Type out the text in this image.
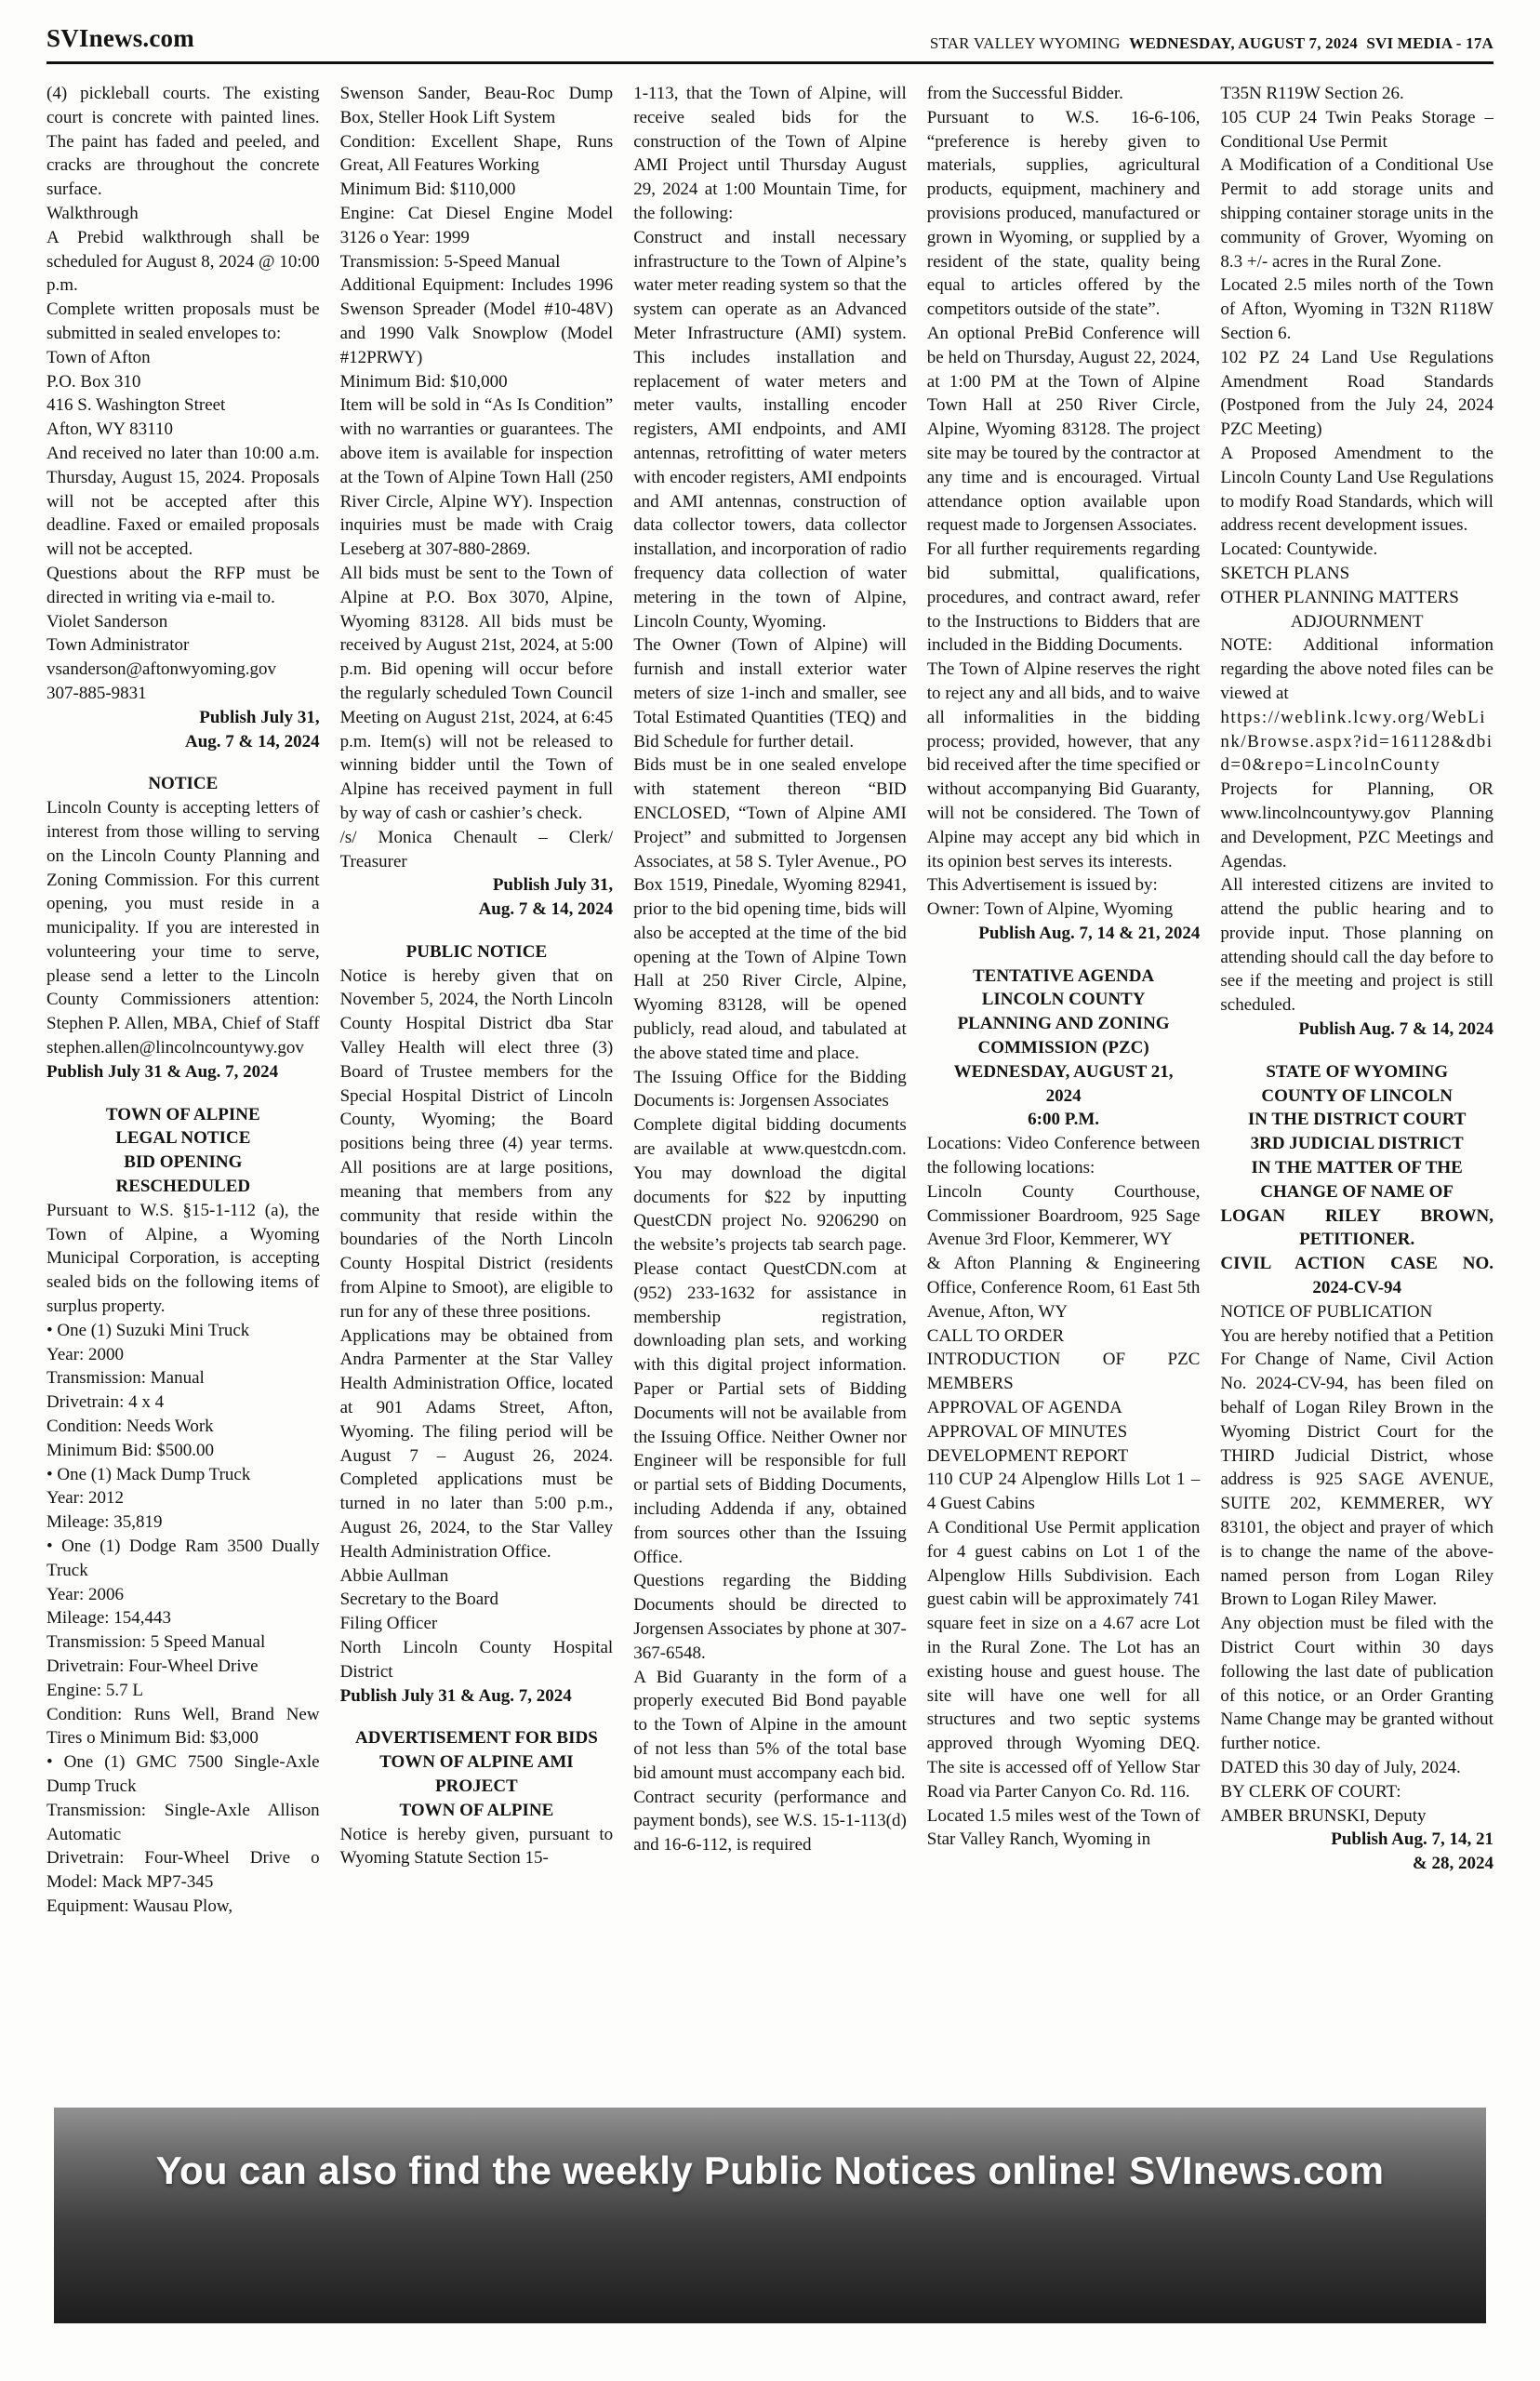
SVInews.com	STAR VALLEY WYOMING WEDNESDAY, AUGUST 7, 2024 SVI MEDIA - 17A
(4) pickleball courts. The existing court is concrete with painted lines. The paint has faded and peeled, and cracks are throughout the concrete surface.
Walkthrough
A Prebid walkthrough shall be scheduled for August 8, 2024 @ 10:00 p.m.
Complete written proposals must be submitted in sealed envelopes to:
Town of Afton
P.O. Box 310
416 S. Washington Street
Afton, WY 83110
And received no later than 10:00 a.m. Thursday, August 15, 2024. Proposals will not be accepted after this deadline. Faxed or emailed proposals will not be accepted.
Questions about the RFP must be directed in writing via e-mail to.
Violet Sanderson
Town Administrator
vsanderson@aftonwyoming.gov
307-885-9831
Publish July 31,
Aug. 7 & 14, 2024
NOTICE
Lincoln County is accepting letters of interest from those willing to serving on the Lincoln County Planning and Zoning Commission. For this current opening, you must reside in a municipality. If you are interested in volunteering your time to serve, please send a letter to the Lincoln County Commissioners attention: Stephen P. Allen, MBA, Chief of Staff stephen.allen@lincolncountywy.gov
Publish July 31 & Aug. 7, 2024
TOWN OF ALPINE
LEGAL NOTICE
BID OPENING
RESCHEDULED
Pursuant to W.S. §15-1-112 (a), the Town of Alpine, a Wyoming Municipal Corporation, is accepting sealed bids on the following items of surplus property.
• One (1) Suzuki Mini Truck
Year: 2000
Transmission: Manual
Drivetrain: 4 x 4
Condition: Needs Work
Minimum Bid: $500.00
• One (1) Mack Dump Truck
Year: 2012
Mileage: 35,819
• One (1) Dodge Ram 3500 Dually Truck
Year: 2006
Mileage: 154,443
Transmission: 5 Speed Manual
Drivetrain: Four-Wheel Drive
Engine: 5.7 L
Condition: Runs Well, Brand New Tires o Minimum Bid: $3,000
• One (1) GMC 7500 Single-Axle Dump Truck
Transmission: Single-Axle Allison Automatic
Drivetrain: Four-Wheel Drive o Model: Mack MP7-345
Equipment: Wausau Plow,
Swenson Sander, Beau-Roc Dump Box, Steller Hook Lift System
Condition: Excellent Shape, Runs Great, All Features Working
Minimum Bid: $110,000
Engine: Cat Diesel Engine Model 3126 o Year: 1999
Transmission: 5-Speed Manual
Additional Equipment: Includes 1996 Swenson Spreader (Model #10-48V) and 1990 Valk Snowplow (Model #12PRWY)
Minimum Bid: $10,000
Item will be sold in “As Is Condition” with no warranties or guarantees. The above item is available for inspection at the Town of Alpine Town Hall (250 River Circle, Alpine WY). Inspection inquiries must be made with Craig Leseberg at 307-880-2869.
All bids must be sent to the Town of Alpine at P.O. Box 3070, Alpine, Wyoming 83128. All bids must be received by August 21st, 2024, at 5:00 p.m. Bid opening will occur before the regularly scheduled Town Council Meeting on August 21st, 2024, at 6:45 p.m. Item(s) will not be released to winning bidder until the Town of Alpine has received payment in full by way of cash or cashier’s check.
/s/ Monica Chenault – Clerk/ Treasurer
Publish July 31,
Aug. 7 & 14, 2024
PUBLIC NOTICE
Notice is hereby given that on November 5, 2024, the North Lincoln County Hospital District dba Star Valley Health will elect three (3) Board of Trustee members for the Special Hospital District of Lincoln County, Wyoming; the Board positions being three (4) year terms. All positions are at large positions, meaning that members from any community that reside within the boundaries of the North Lincoln County Hospital District (residents from Alpine to Smoot), are eligible to run for any of these three positions.
Applications may be obtained from Andra Parmenter at the Star Valley Health Administration Office, located at 901 Adams Street, Afton, Wyoming. The filing period will be August 7 – August 26, 2024. Completed applications must be turned in no later than 5:00 p.m., August 26, 2024, to the Star Valley Health Administration Office.
Abbie Aullman
Secretary to the Board
Filing Officer
North Lincoln County Hospital District
Publish July 31 & Aug. 7, 2024
ADVERTISEMENT FOR BIDS
TOWN OF ALPINE AMI
PROJECT
TOWN OF ALPINE
Notice is hereby given, pursuant to Wyoming Statute Section 15-
1-113, that the Town of Alpine, will receive sealed bids for the construction of the Town of Alpine AMI Project until Thursday August 29, 2024 at 1:00 Mountain Time, for the following:
Construct and install necessary infrastructure to the Town of Alpine’s water meter reading system so that the system can operate as an Advanced Meter Infrastructure (AMI) system. This includes installation and replacement of water meters and meter vaults, installing encoder registers, AMI endpoints, and AMI antennas, retrofitting of water meters with encoder registers, AMI endpoints and AMI antennas, construction of data collector towers, data collector installation, and incorporation of radio frequency data collection of water metering in the town of Alpine, Lincoln County, Wyoming.
The Owner (Town of Alpine) will furnish and install exterior water meters of size 1-inch and smaller, see Total Estimated Quantities (TEQ) and Bid Schedule for further detail.
Bids must be in one sealed envelope with statement thereon “BID ENCLOSED, “Town of Alpine AMI Project” and submitted to Jorgensen Associates, at 58 S. Tyler Avenue., PO Box 1519, Pinedale, Wyoming 82941, prior to the bid opening time, bids will also be accepted at the time of the bid opening at the Town of Alpine Town Hall at 250 River Circle, Alpine, Wyoming 83128, will be opened publicly, read aloud, and tabulated at the above stated time and place.
The Issuing Office for the Bidding Documents is: Jorgensen Associates
Complete digital bidding documents are available at www.questcdn.com. You may download the digital documents for $22 by inputting QuestCDN project No. 9206290 on the website’s projects tab search page. Please contact QuestCDN.com at (952) 233-1632 for assistance in membership registration, downloading plan sets, and working with this digital project information. Paper or Partial sets of Bidding Documents will not be available from the Issuing Office. Neither Owner nor Engineer will be responsible for full or partial sets of Bidding Documents, including Addenda if any, obtained from sources other than the Issuing Office.
Questions regarding the Bidding Documents should be directed to Jorgensen Associates by phone at 307-367-6548.
A Bid Guaranty in the form of a properly executed Bid Bond payable to the Town of Alpine in the amount of not less than 5% of the total base bid amount must accompany each bid.
Contract security (performance and payment bonds), see W.S. 15-1-113(d) and 16-6-112, is required
from the Successful Bidder.
Pursuant to W.S. 16-6-106, “preference is hereby given to materials, supplies, agricultural products, equipment, machinery and provisions produced, manufactured or grown in Wyoming, or supplied by a resident of the state, quality being equal to articles offered by the competitors outside of the state”.
An optional PreBid Conference will be held on Thursday, August 22, 2024, at 1:00 PM at the Town of Alpine Town Hall at 250 River Circle, Alpine, Wyoming 83128. The project site may be toured by the contractor at any time and is encouraged. Virtual attendance option available upon request made to Jorgensen Associates.
For all further requirements regarding bid submittal, qualifications, procedures, and contract award, refer to the Instructions to Bidders that are included in the Bidding Documents.
The Town of Alpine reserves the right to reject any and all bids, and to waive all informalities in the bidding process; provided, however, that any bid received after the time specified or without accompanying Bid Guaranty, will not be considered. The Town of Alpine may accept any bid which in its opinion best serves its interests.
This Advertisement is issued by:
Owner: Town of Alpine, Wyoming
Publish Aug. 7, 14 & 21, 2024
TENTATIVE AGENDA
LINCOLN COUNTY
PLANNING AND ZONING
COMMISSION (PZC)
WEDNESDAY, AUGUST 21,
2024
6:00 P.M.
Locations: Video Conference between the following locations:
Lincoln County Courthouse, Commissioner Boardroom, 925 Sage Avenue 3rd Floor, Kemmerer, WY
& Afton Planning & Engineering Office, Conference Room, 61 East 5th Avenue, Afton, WY
CALL TO ORDER
INTRODUCTION OF PZC MEMBERS
APPROVAL OF AGENDA
APPROVAL OF MINUTES
DEVELOPMENT REPORT
110 CUP 24 Alpenglow Hills Lot 1 – 4 Guest Cabins
A Conditional Use Permit application for 4 guest cabins on Lot 1 of the Alpenglow Hills Subdivision. Each guest cabin will be approximately 741 square feet in size on a 4.67 acre Lot in the Rural Zone. The Lot has an existing house and guest house. The site will have one well for all structures and two septic systems approved through Wyoming DEQ. The site is accessed off of Yellow Star Road via Parter Canyon Co. Rd. 116.
Located 1.5 miles west of the Town of Star Valley Ranch, Wyoming in
T35N R119W Section 26.
105 CUP 24 Twin Peaks Storage – Conditional Use Permit
A Modification of a Conditional Use Permit to add storage units and shipping container storage units in the community of Grover, Wyoming on 8.3 +/- acres in the Rural Zone.
Located 2.5 miles north of the Town of Afton, Wyoming in T32N R118W Section 6.
102 PZ 24 Land Use Regulations Amendment Road Standards (Postponed from the July 24, 2024 PZC Meeting)
A Proposed Amendment to the Lincoln County Land Use Regulations to modify Road Standards, which will address recent development issues.
Located: Countywide.
SKETCH PLANS
OTHER PLANNING MATTERS
ADJOURNMENT
NOTE: Additional information regarding the above noted files can be viewed at
https://weblink.lcwy.org/WebLink/Browse.aspx?id=161128&dbid=0&repo=LincolnCounty
Projects for Planning, OR www.lincolncountywy.gov Planning and Development, PZC Meetings and Agendas.
All interested citizens are invited to attend the public hearing and to provide input. Those planning on attending should call the day before to see if the meeting and project is still scheduled.
Publish Aug. 7 & 14, 2024
STATE OF WYOMING
COUNTY OF LINCOLN
IN THE DISTRICT COURT
3RD JUDICIAL DISTRICT
IN THE MATTER OF THE
CHANGE OF NAME OF
LOGAN RILEY BROWN,
PETITIONER.
CIVIL ACTION CASE NO.
2024-CV-94
NOTICE OF PUBLICATION
You are hereby notified that a Petition For Change of Name, Civil Action No. 2024-CV-94, has been filed on behalf of Logan Riley Brown in the Wyoming District Court for the THIRD Judicial District, whose address is 925 SAGE AVENUE, SUITE 202, KEMMERER, WY 83101, the object and prayer of which is to change the name of the above-named person from Logan Riley Brown to Logan Riley Mawer.
Any objection must be filed with the District Court within 30 days following the last date of publication of this notice, or an Order Granting Name Change may be granted without further notice.
DATED this 30 day of July, 2024.
BY CLERK OF COURT:
AMBER BRUNSKI, Deputy
Publish Aug. 7, 14, 21
& 28, 2024
You can also find the weekly Public Notices online! SVInews.com
